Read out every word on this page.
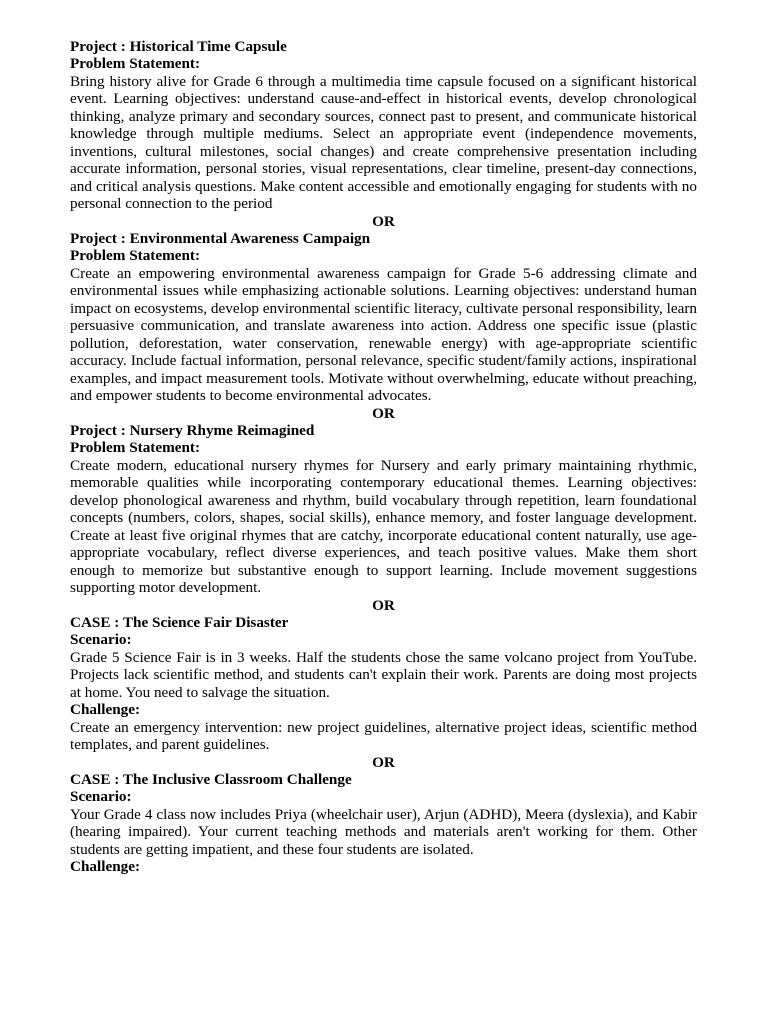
Project : Historical Time Capsule

Problem Statement:

Bring history alive for Grade 6 through a multimedia time capsule focused on a significant historical event. Learning objectives: understand cause-and-effect in historical events, develop chronological thinking, analyze primary and secondary sources, connect past to present, and communicate historical knowledge through multiple mediums. Select an appropriate event (independence movements, inventions, cultural milestones, social changes) and create comprehensive presentation including accurate information, personal stories, visual representations, clear timeline, present-day connections, and critical analysis questions. Make content accessible and emotionally engaging for students with no personal connection to the period

OR

Project : Environmental Awareness Campaign

Problem Statement:

Create an empowering environmental awareness campaign for Grade 5-6 addressing climate and environmental issues while emphasizing actionable solutions. Learning objectives: understand human impact on ecosystems, develop environmental scientific literacy, cultivate personal responsibility, learn persuasive communication, and translate awareness into action. Address one specific issue (plastic pollution, deforestation, water conservation, renewable energy) with age-appropriate scientific accuracy. Include factual information, personal relevance, specific student/family actions, inspirational examples, and impact measurement tools. Motivate without overwhelming, educate without preaching, and empower students to become environmental advocates.

OR

Project : Nursery Rhyme Reimagined

Problem Statement:

Create modern, educational nursery rhymes for Nursery and early primary maintaining rhythmic, memorable qualities while incorporating contemporary educational themes. Learning objectives: develop phonological awareness and rhythm, build vocabulary through repetition, learn foundational concepts (numbers, colors, shapes, social skills), enhance memory, and foster language development. Create at least five original rhymes that are catchy, incorporate educational content naturally, use age-appropriate vocabulary, reflect diverse experiences, and teach positive values. Make them short enough to memorize but substantive enough to support learning. Include movement suggestions supporting motor development.

OR

CASE : The Science Fair Disaster

Scenario:

Grade 5 Science Fair is in 3 weeks. Half the students chose the same volcano project from YouTube. Projects lack scientific method, and students can't explain their work. Parents are doing most projects at home. You need to salvage the situation.

Challenge:

Create an emergency intervention: new project guidelines, alternative project ideas, scientific method templates, and parent guidelines.

OR

CASE : The Inclusive Classroom Challenge

Scenario:

Your Grade 4 class now includes Priya (wheelchair user), Arjun (ADHD), Meera (dyslexia), and Kabir (hearing impaired). Your current teaching methods and materials aren't working for them. Other students are getting impatient, and these four students are isolated.

Challenge:
